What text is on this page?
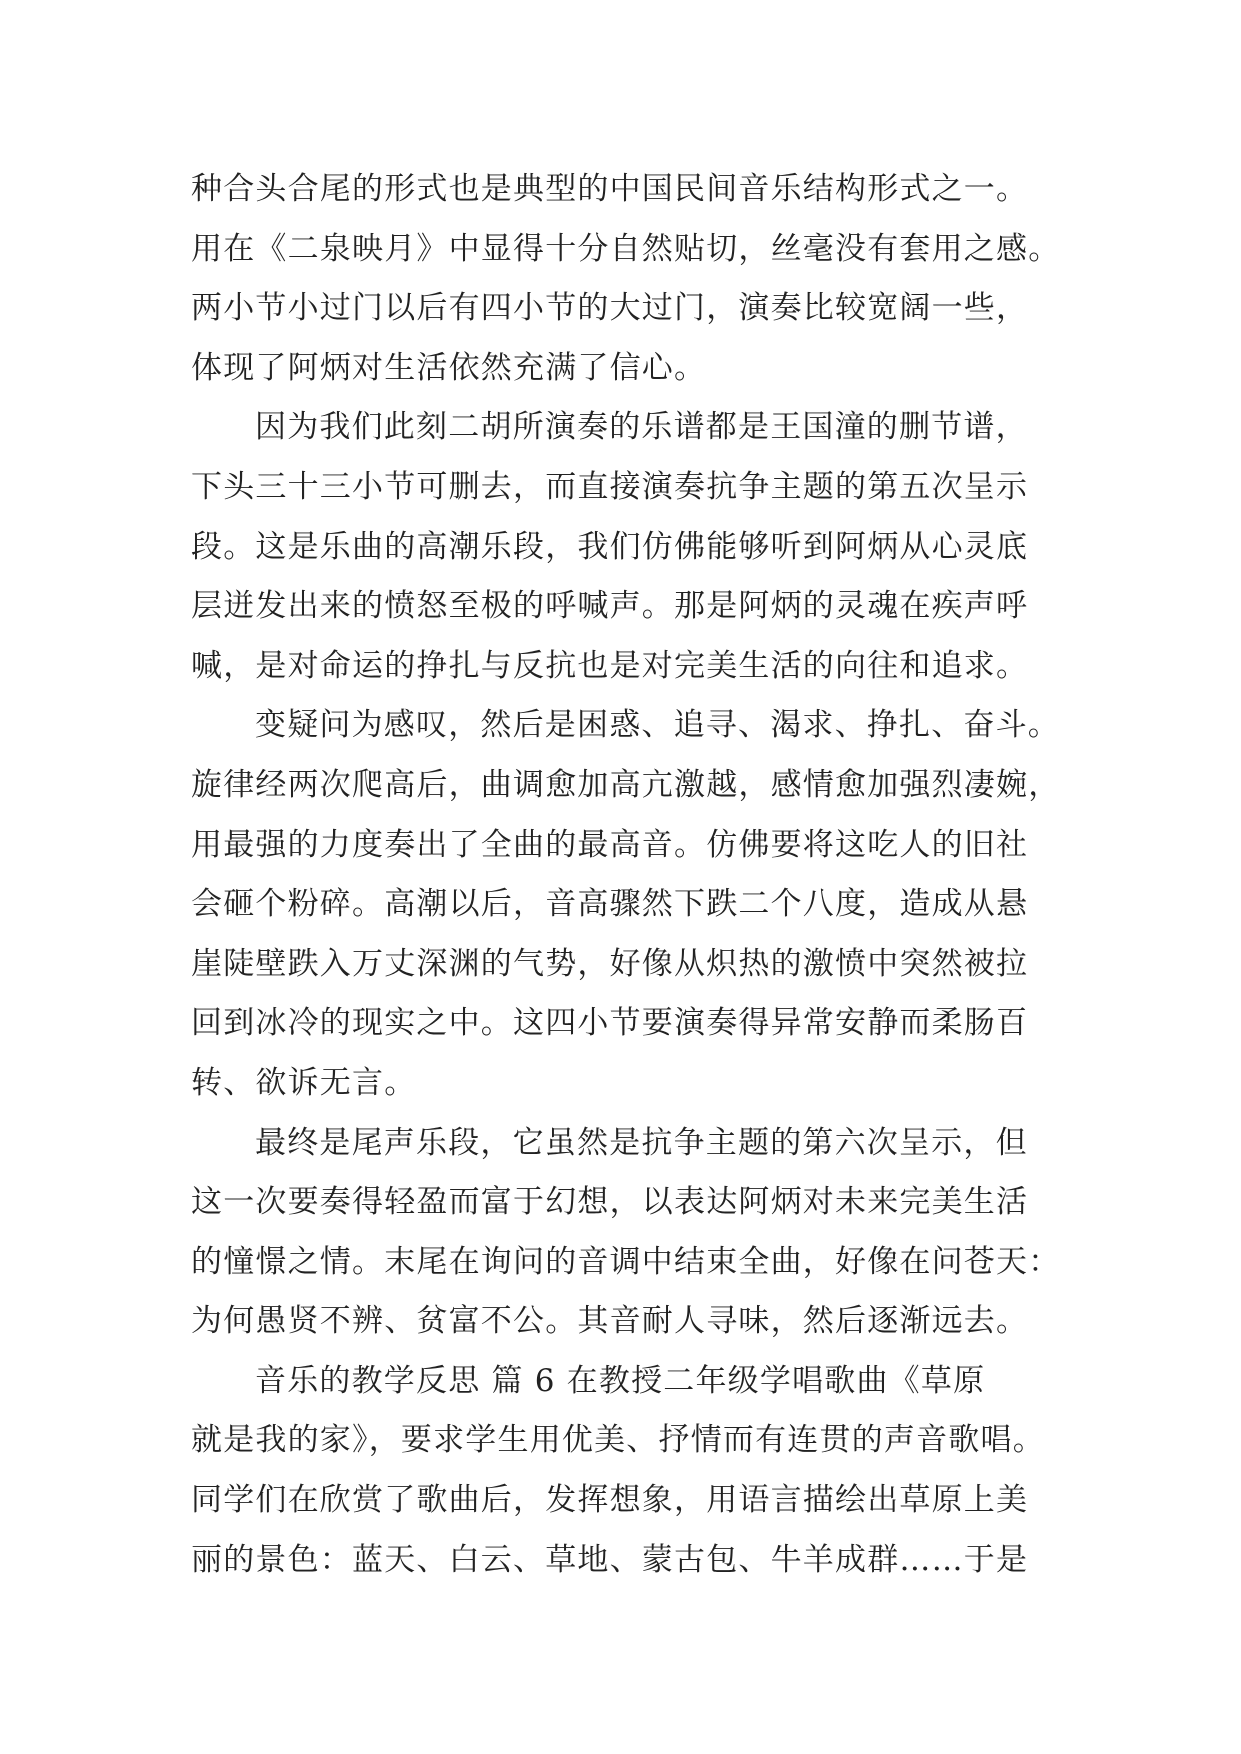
种合头合尾的形式也是典型的中国民间音乐结构形式之一。
用在《二泉映月》中显得十分自然贴切，丝毫没有套用之感。
两小节小过门以后有四小节的大过门，演奏比较宽阔一些，
体现了阿炳对生活依然充满了信心。
因为我们此刻二胡所演奏的乐谱都是王国潼的删节谱，
下头三十三小节可删去，而直接演奏抗争主题的第五次呈示
段。这是乐曲的高潮乐段，我们仿佛能够听到阿炳从心灵底
层迸发出来的愤怒至极的呼喊声。那是阿炳的灵魂在疾声呼
喊，是对命运的挣扎与反抗也是对完美生活的向往和追求。
变疑问为感叹，然后是困惑、追寻、渴求、挣扎、奋斗。
旋律经两次爬高后，曲调愈加高亢激越，感情愈加强烈凄婉，
用最强的力度奏出了全曲的最高音。仿佛要将这吃人的旧社
会砸个粉碎。高潮以后，音高骤然下跌二个八度，造成从悬
崖陡壁跌入万丈深渊的气势，好像从炽热的激愤中突然被拉
回到冰冷的现实之中。这四小节要演奏得异常安静而柔肠百
转、欲诉无言。
最终是尾声乐段，它虽然是抗争主题的第六次呈示，但
这一次要奏得轻盈而富于幻想，以表达阿炳对未来完美生活
的憧憬之情。末尾在询问的音调中结束全曲，好像在问苍天：
为何愚贤不辨、贫富不公。其音耐人寻味，然后逐渐远去。
音乐的教学反思 篇 6 在教授二年级学唱歌曲《草原
就是我的家》，要求学生用优美、抒情而有连贯的声音歌唱。
同学们在欣赏了歌曲后，发挥想象，用语言描绘出草原上美
丽的景色：蓝天、白云、草地、蒙古包、牛羊成群……于是
